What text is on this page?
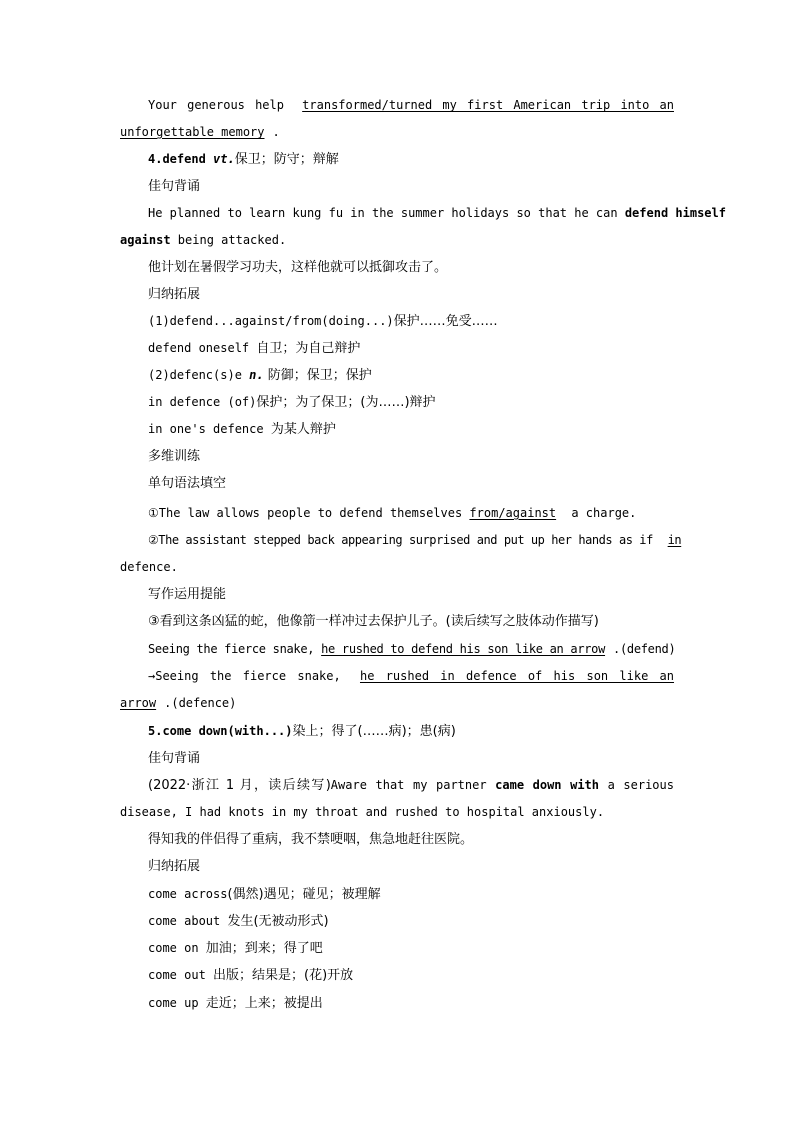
Your generous help transformed/turned my first American trip into an
unforgettable memory .
4.defend vt.保卫；防守；辩解
佳句背诵
He planned to learn kung fu in the summer holidays so that he can defend himself
against being attacked.
他计划在暑假学习功夫，这样他就可以抵御攻击了。
归纳拓展
(1)defend...against/from(doing...)保护……免受……
defend oneself 自卫；为自己辩护
(2)defenc(s)e n. 防御；保卫；保护
in defence (of)保护；为了保卫；(为……)辩护
in one's defence 为某人辩护
多维训练
单句语法填空
①The law allows people to defend themselves from/against a charge.
②The assistant stepped back appearing surprised and put up her hands as if in
defence.
写作运用提能
③看到这条凶猛的蛇，他像箭一样冲过去保护儿子。(读后续写之肢体动作描写)
Seeing the fierce snake, he rushed to defend his son like an arrow .(defend)
→Seeing the fierce snake, he rushed in defence of his son like an
arrow .(defence)
5.come down(with...)染上；得了(……病)；患(病)
佳句背诵
(2022·浙江 1 月，读后续写)Aware that my partner came down with a serious
disease, I had knots in my throat and rushed to hospital anxiously.
得知我的伴侣得了重病，我不禁哽咽，焦急地赶往医院。
归纳拓展
come across(偶然)遇见；碰见；被理解
come about 发生(无被动形式)
come on 加油；到来；得了吧
come out 出版；结果是；(花)开放
come up 走近；上来；被提出
